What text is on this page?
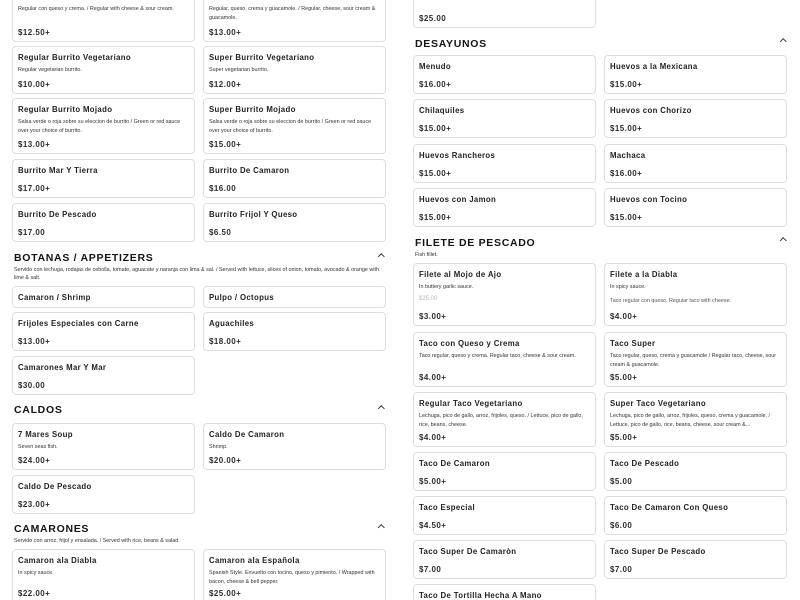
Regular con queso y crema. / Regular with cheese & sour cream.
$12.50+
Regular, queso, crema y guacamole. / Regular, cheese, sour cream & guacamole.
$13.00+
Regular Burrito Vegetariano
Regular vegetarian burrito.
$10.00+
Super Burrito Vegetariano
Super vegetarian burrito.
$12.00+
Regular Burrito Mojado
Salsa verde o roja sobre su eleccion de burrito / Green or red sauce over your choice of burrito.
$13.00+
Super Burrito Mojado
Salsa verde o roja sobre su eleccion de burrito / Green or red sauce over your choice of burrito.
$15.00+
Burrito Mar Y Tierra
$17.00+
Burrito De Camaron
$16.00
Burrito De Pescado
$17.00
Burrito Frijol Y Queso
$6.50
BOTANAS / APPETIZERS
Servido con lechuga, rodajas de cebolla, tomate, aguacate y naranja con lima & sal. / Served with lettuce, slices of onion, tomato, avocado & orange with lime & salt.
Camaron / Shrimp	Pulpo / Octopus
Frijoles Especiales con Carne
$13.00+
Aguachiles
$18.00+
Camarones Mar Y Mar
$30.00
CALDOS
7 Mares Soup
Seven seas fish.
$24.00+
Caldo De Camaron
Shrimp.
$20.00+
Caldo De Pescado
$23.00+
CAMARONES
Servido con arroz, frijol y ensalada. / Served with rice, beans & salad.
Camaron ala Diabla
In spicy sauce.
$22.00+
Camaron ala Española
Spanish Style. Envuelto con tocino, queso y pimiento. / Wrapped with bacon, cheese & bell pepper.
$25.00+
$25.00
DESAYUNOS
Menudo
$16.00+
Huevos a la Mexicana
$15.00+
Chilaquiles
$15.00+
Huevos con Chorizo
$15.00+
Huevos Rancheros
$15.00+
Machaca
$16.00+
Huevos con Jamon
$15.00+
Huevos con Tocino
$15.00+
FILETE DE PESCADO
Fish fillet.
Filete al Mojo de Ajo
In buttery garlic sauce.
$25.00
$3.00+
Filete a la Diabla
In spicy sauce.
Taco regular con queso. Regular taco with cheese.
$4.00+
Taco con Queso y Crema
Taco regular, queso y crema. Regular taco, cheese & sour cream.
$4.00+
Taco Super
Taco regular, queso, crema y guacamole / Regular taco, cheese, sour cream & guacamole.
$5.00+
Regular Taco Vegetariano
Lechuga, pico de gallo, arroz, frijoles, queso. / Lettuce, pico de gallo, rice, beans, cheese.
$4.00+
Super Taco Vegetariano
Lechuga, pico de gallo, arroz, frijoles, queso, crema y guacamole. / Lettuce, pico de gallo, rice, beans, cheese, sour cream &...
$5.00+
Taco De Camaron
$5.00+
Taco De Pescado
$5.00
Taco Especial
$4.50+
Taco De Camaron Con Queso
$6.00
Taco Super De Camaròn
$7.00
Taco Super De Pescado
$7.00
Taco De Tortilla Hecha A Mano
